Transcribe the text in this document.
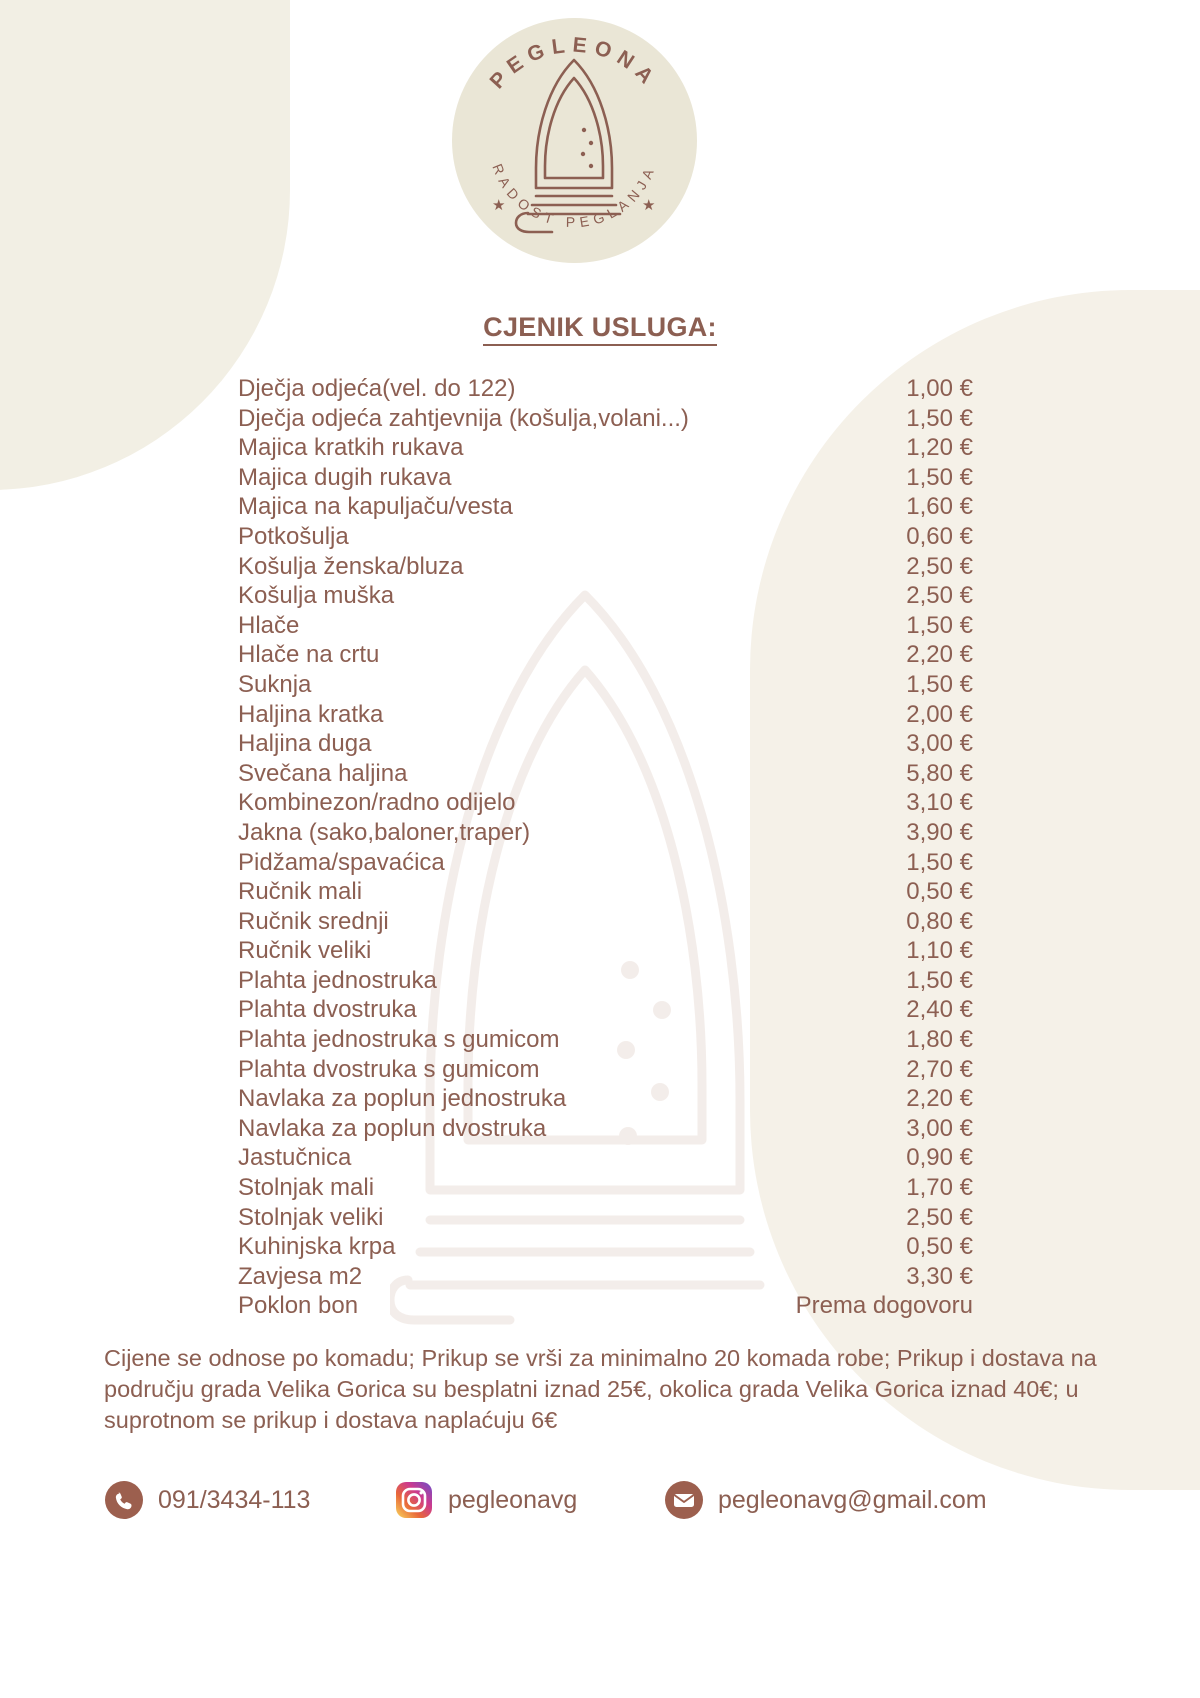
PEGLEONA
RADOST PEGLANJA
★	★
CJENIK USLUGA:
Dječja odjeća(vel. do 122)	1,00 €
Dječja odjeća zahtjevnija (košulja,volani...)	1,50 €
Majica kratkih rukava	1,20 €
Majica dugih rukava	1,50 €
Majica na kapuljaču/vesta	1,60 €
Potkošulja	0,60 €
Košulja ženska/bluza	2,50 €
Košulja muška	2,50 €
Hlače	1,50 €
Hlače na crtu	2,20 €
Suknja	1,50 €
Haljina kratka	2,00 €
Haljina duga	3,00 €
Svečana haljina	5,80 €
Kombinezon/radno odijelo	3,10 €
Jakna (sako,baloner,traper)	3,90 €
Pidžama/spavaćica	1,50 €
Ručnik mali	0,50 €
Ručnik srednji	0,80 €
Ručnik veliki	1,10 €
Plahta jednostruka	1,50 €
Plahta dvostruka	2,40 €
Plahta jednostruka s gumicom	1,80 €
Plahta dvostruka s gumicom	2,70 €
Navlaka za poplun jednostruka	2,20 €
Navlaka za poplun dvostruka	3,00 €
Jastučnica	0,90 €
Stolnjak mali	1,70 €
Stolnjak veliki	2,50 €
Kuhinjska krpa	0,50 €
Zavjesa m2	3,30 €
Poklon bon	Prema dogovoru
Cijene se odnose po komadu; Prikup se vrši za minimalno 20 komada robe; Prikup i dostava na području grada Velika Gorica su besplatni iznad 25€, okolica grada Velika Gorica iznad 40€; u suprotnom se prikup i dostava naplaćuju 6€
091/3434-113	pegleonavg	pegleonavg@gmail.com
